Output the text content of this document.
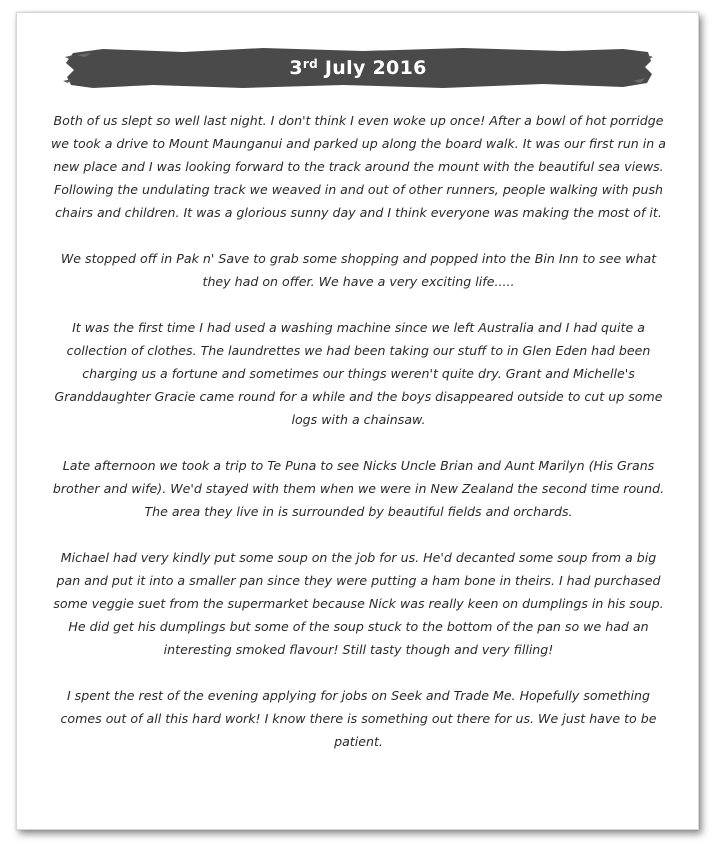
3rd July 2016

Both of us slept so well last night. I don't think I even woke up once! After a bowl of hot porridge we took a drive to Mount Maunganui and parked up along the board walk. It was our first run in a new place and I was looking forward to the track around the mount with the beautiful sea views. Following the undulating track we weaved in and out of other runners, people walking with push chairs and children. It was a glorious sunny day and I think everyone was making the most of it.

We stopped off in Pak n' Save to grab some shopping and popped into the Bin Inn to see what they had on offer. We have a very exciting life.....

It was the first time I had used a washing machine since we left Australia and I had quite a collection of clothes. The laundrettes we had been taking our stuff to in Glen Eden had been charging us a fortune and sometimes our things weren't quite dry. Grant and Michelle's Granddaughter Gracie came round for a while and the boys disappeared outside to cut up some logs with a chainsaw.

Late afternoon we took a trip to Te Puna to see Nicks Uncle Brian and Aunt Marilyn (His Grans brother and wife). We'd stayed with them when we were in New Zealand the second time round. The area they live in is surrounded by beautiful fields and orchards.

Michael had very kindly put some soup on the job for us. He'd decanted some soup from a big pan and put it into a smaller pan since they were putting a ham bone in theirs. I had purchased some veggie suet from the supermarket because Nick was really keen on dumplings in his soup. He did get his dumplings but some of the soup stuck to the bottom of the pan so we had an interesting smoked flavour! Still tasty though and very filling!

I spent the rest of the evening applying for jobs on Seek and Trade Me. Hopefully something comes out of all this hard work! I know there is something out there for us. We just have to be patient.
